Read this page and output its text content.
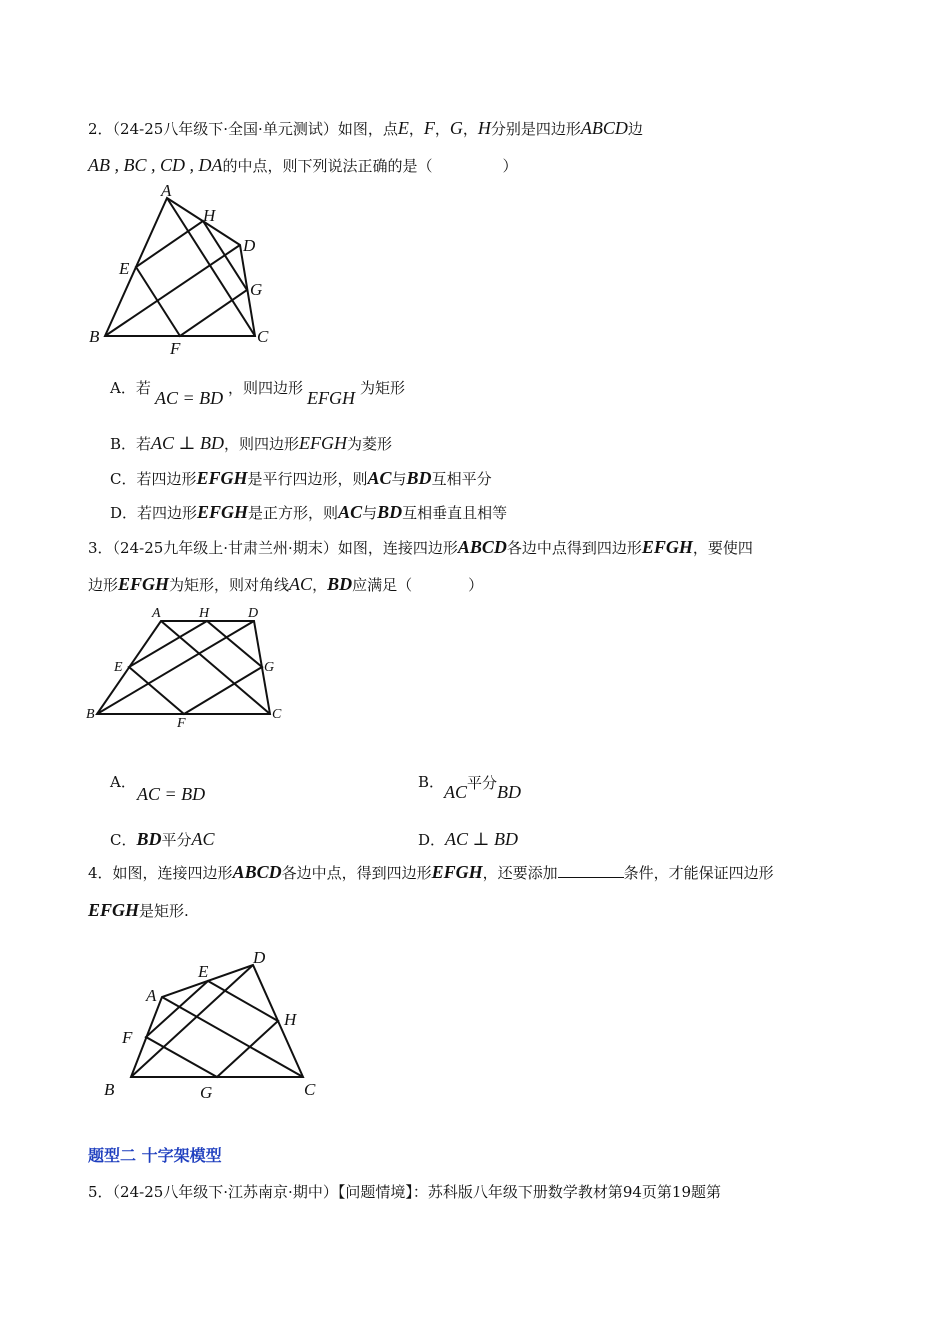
2．（24-25八年级下·全国·单元测试）如图，点E，F，G，H分别是四边形ABCD边
AB , BC , CD , DA的中点，则下列说法正确的是（	）
A
H
D
E
G
B
F
C
A．若 AC = BD ，则四边形 EFGH 为矩形
B．若AC ⊥ BD，则四边形EFGH为菱形
C．若四边形EFGH是平行四边形，则AC与BD互相平分
D．若四边形EFGH是正方形，则AC与BD互相垂直且相等
3．（24-25九年级上·甘肃兰州·期末）如图，连接四边形ABCD各边中点得到四边形EFGH，要使四
边形EFGH为矩形，则对角线AC，BD应满足（	）
A	H	D
E	G
B
F
C
A．
AC = BD
B． AC平分BD
C．BD平分AC	D．AC ⊥ BD
4．如图，连接四边形ABCD各边中点，得到四边形EFGH，还要添加	条件，才能保证四边形
EFGH是矩形.
A
E
D
F
H
B	G	C
题型二 十字架模型
5．（24-25八年级下·江苏南京·期中）【问题情境】：苏科版八年级下册数学教材第94页第19题第
